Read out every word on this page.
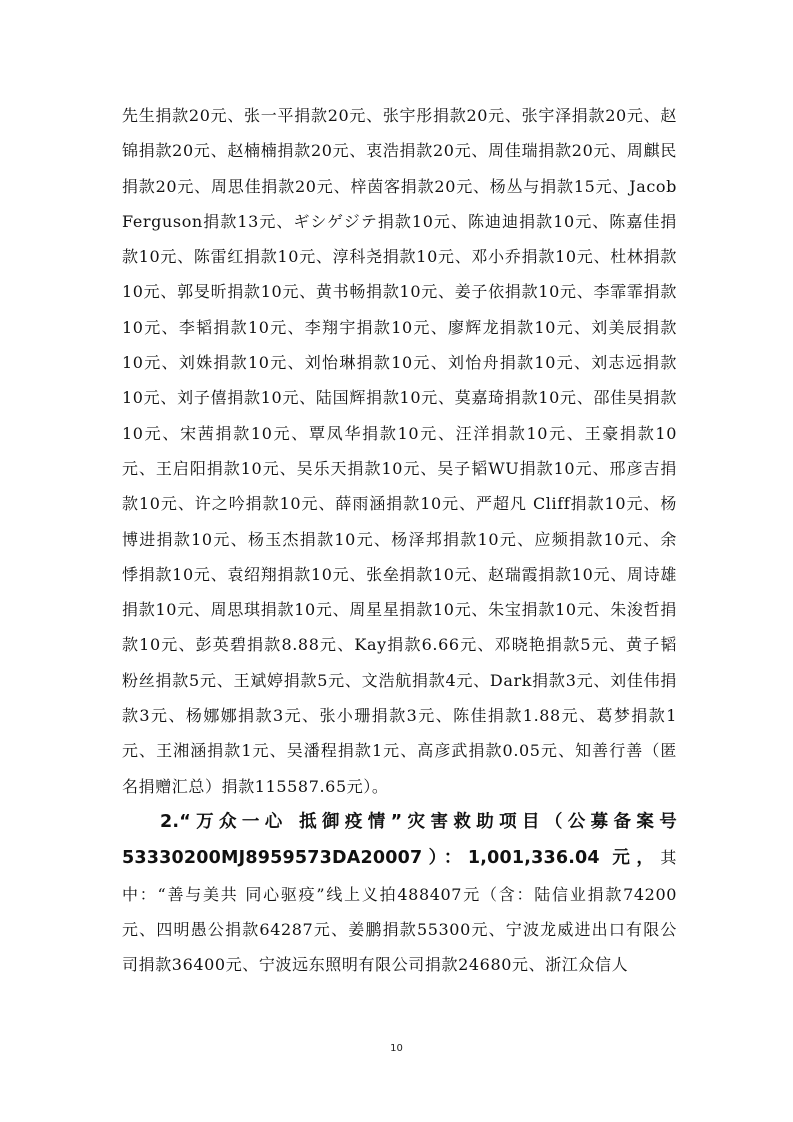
先生捐款20元、张一平捐款20元、张宇彤捐款20元、张宇泽捐款20元、赵锦捐款20元、赵楠楠捐款20元、衷浩捐款20元、周佳瑞捐款20元、周麒民捐款20元、周思佳捐款20元、梓茵客捐款20元、杨丛与捐款15元、Jacob Ferguson捐款13元、ギシゲジテ捐款10元、陈迪迪捐款10元、陈嘉佳捐款10元、陈雷红捐款10元、淳科尧捐款10元、邓小乔捐款10元、杜林捐款10元、郭旻昕捐款10元、黄书畅捐款10元、姜子依捐款10元、李霏霏捐款10元、李韬捐款10元、李翔宇捐款10元、廖辉龙捐款10元、刘美辰捐款10元、刘姝捐款10元、刘怡琳捐款10元、刘怡舟捐款10元、刘志远捐款10元、刘子僖捐款10元、陆国辉捐款10元、莫嘉琦捐款10元、邵佳昊捐款10元、宋茜捐款10元、覃凤华捐款10元、汪洋捐款10元、王豪捐款10元、王启阳捐款10元、吴乐天捐款10元、吴子韬WU捐款10元、邢彦吉捐款10元、许之吟捐款10元、薛雨涵捐款10元、严超凡 Cliff捐款10元、杨博进捐款10元、杨玉杰捐款10元、杨泽邦捐款10元、应频捐款10元、余 悸捐款10元、袁绍翔捐款10元、张垒捐款10元、赵瑞霞捐款10元、周诗雄捐款10元、周思琪捐款10元、周星星捐款10元、朱宝捐款10元、朱浚哲捐款10元、彭英碧捐款8.88元、Kay捐款6.66元、邓晓艳捐款5元、黄子韬粉丝捐款5元、王斌婷捐款5元、文浩航捐款4元、Dark捐款3元、刘佳伟捐款3元、杨娜娜捐款3元、张小珊捐款3元、陈佳捐款1.88元、葛梦捐款1元、王湘涵捐款1元、吴潘程捐款1元、高彦武捐款0.05元、知善行善（匿名捐赠汇总）捐款115587.65元）。

2.“万众一心 抵御疫情”灾害救助项目（公募备案号53330200MJ8959573DA20007）：1,001,336.04 元，其中：“善与美共 同心驱疫”线上义拍488407元（含：陆信业捐款74200元、四明愚公捐款64287元、姜鹏捐款55300元、宁波龙威进出口有限公司捐款36400元、宁波远东照明有限公司捐款24680元、浙江众信人

10
